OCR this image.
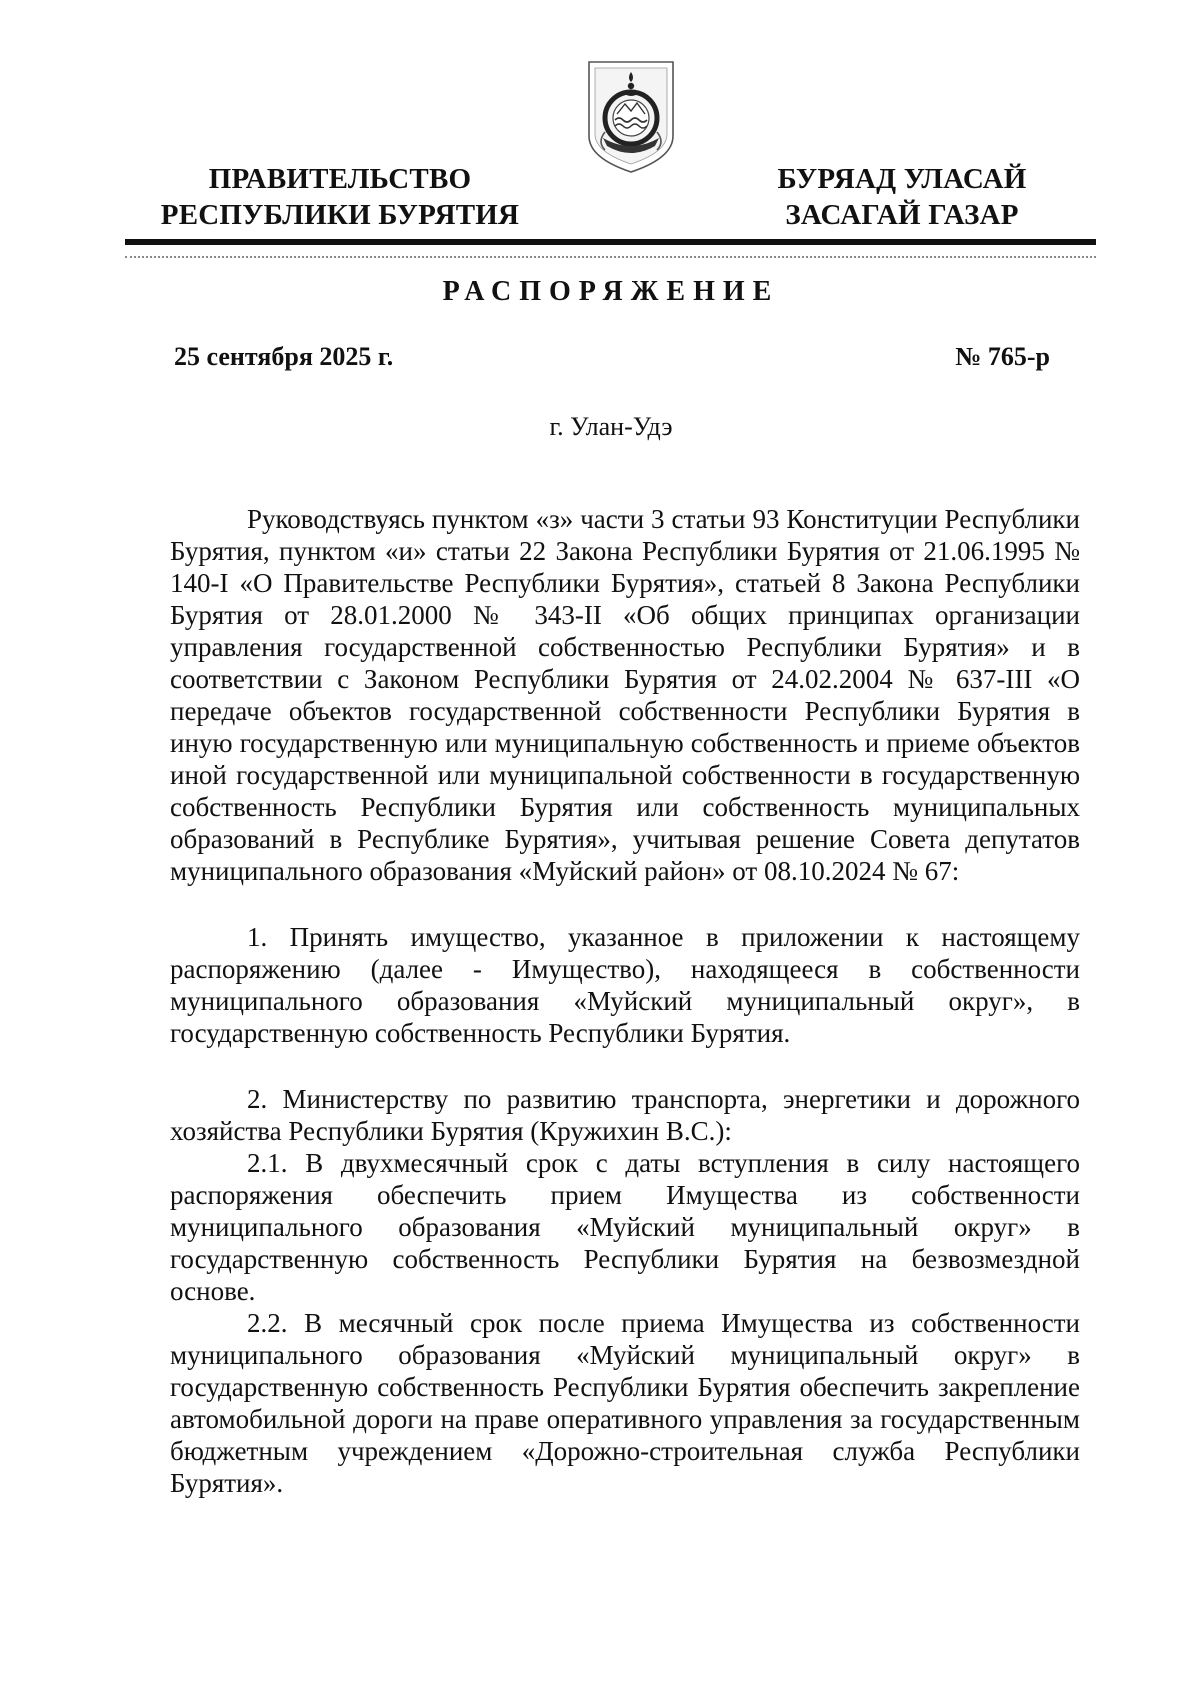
ПРАВИТЕЛЬСТВО
РЕСПУБЛИКИ БУРЯТИЯ
БУРЯАД УЛАСАЙ
ЗАСАГАЙ ГАЗАР
РАСПОРЯЖЕНИЕ
25 сентября 2025 г.	№ 765-р
г. Улан-Удэ

Руководствуясь пунктом «з» части 3 статьи 93 Конституции Республики Бурятия, пунктом «и» статьи 22 Закона Республики Бурятия от 21.06.1995 № 140-I «О Правительстве Республики Бурятия», статьей 8 Закона Республики Бурятия от 28.01.2000 № 343-II «Об общих принципах организации управления государственной собственностью Республики Бурятия» и в соответствии с Законом Республики Бурятия от 24.02.2004 № 637-III «О передаче объектов государственной собственности Республики Бурятия в иную государственную или муниципальную собственность и приеме объектов иной государственной или муниципальной собственности в государственную собственность Республики Бурятия или собственность муниципальных образований в Республике Бурятия», учитывая решение Совета депутатов муниципального образования «Муйский район» от 08.10.2024 № 67:

1. Принять имущество, указанное в приложении к настоящему распоряжению (далее - Имущество), находящееся в собственности муниципального образования «Муйский муниципальный округ», в государственную собственность Республики Бурятия.

2. Министерству по развитию транспорта, энергетики и дорожного хозяйства Республики Бурятия (Кружихин В.С.):

2.1. В двухмесячный срок с даты вступления в силу настоящего распоряжения обеспечить прием Имущества из собственности муниципального образования «Муйский муниципальный округ» в государственную собственность Республики Бурятия на безвозмездной основе.

2.2. В месячный срок после приема Имущества из собственности муниципального образования «Муйский муниципальный округ» в государственную собственность Республики Бурятия обеспечить закрепление автомобильной дороги на праве оперативного управления за государственным бюджетным учреждением «Дорожно-строительная служба Республики Бурятия».
